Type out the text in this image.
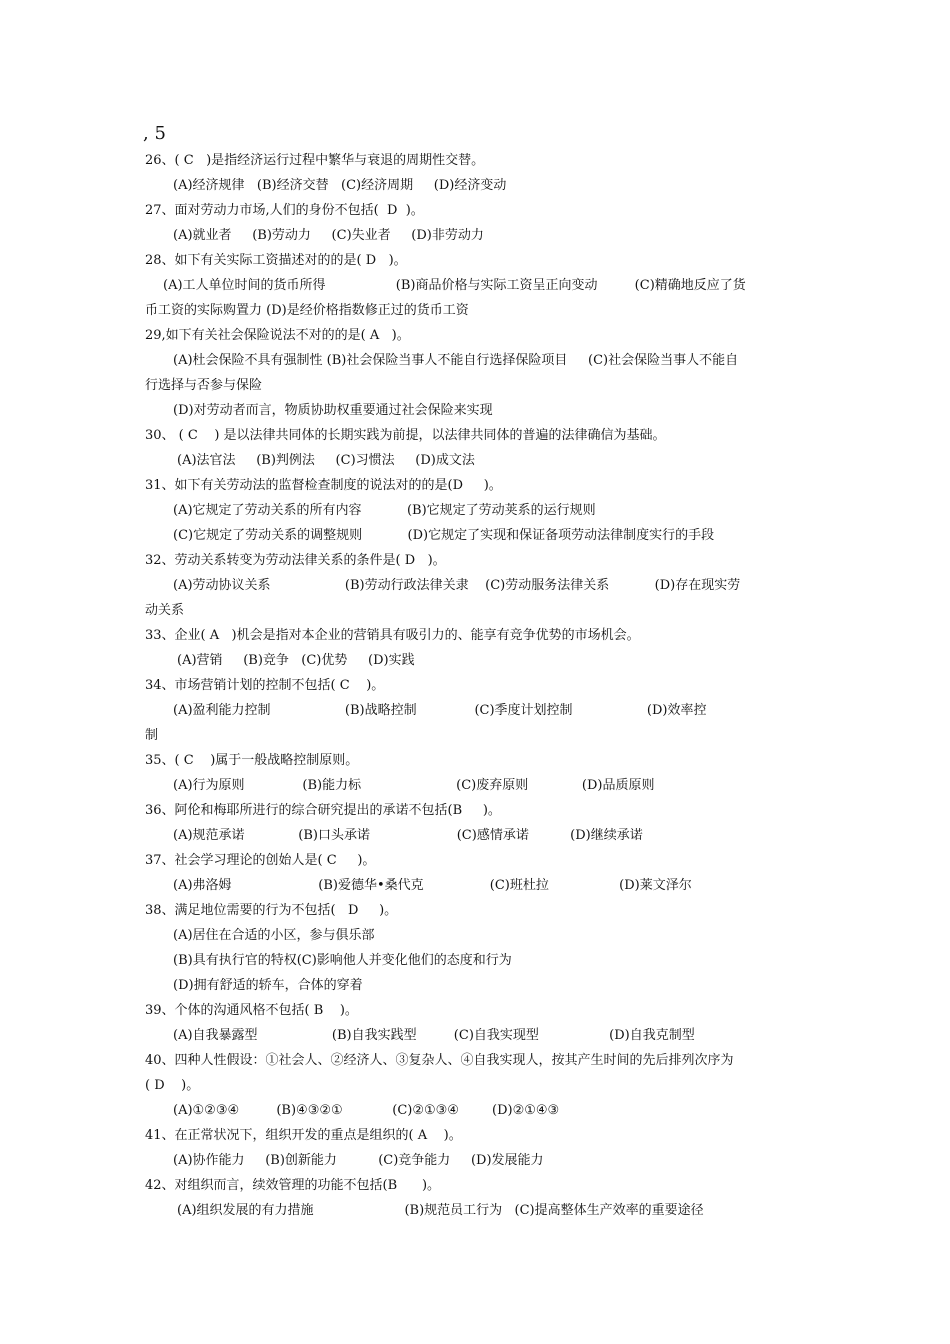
, 5
26、( C   )是指经济运行过程中繁华与衰退的周期性交替。
(A)经济规律   (B)经济交替   (C)经济周期     (D)经济变动
27、面对劳动力市场,人们的身份不包括(  D  )。
(A)就业者     (B)劳动力     (C)失业者     (D)非劳动力
28、如下有关实际工资描述对的的是( D   )。
(A)工人单位时间的货币所得                 (B)商品价格与实际工资呈正向变动         (C)精确地反应了货
币工资的实际购置力 (D)是经价格指数修正过的货币工资
29,如下有关社会保险说法不对的的是( A   )。
(A)杜会保险不具有强制性 (B)社会保险当事人不能自行选择保险项目     (C)社会保险当事人不能自
行选择与否参与保险
(D)对劳动者而言，物质协助权重要通过社会保险来实现
30、 ( C    ) 是以法律共同体的长期实践为前提，以法律共同体的普遍的法律确信为基础。
(A)法官法     (B)判例法     (C)习惯法     (D)成文法
31、如下有关劳动法的监督检查制度的说法对的的是(D     )。
(A)它规定了劳动关系的所有内容           (B)它规定了劳动荚系的运行规则
(C)它规定了劳动关系的调整规则           (D)它规定了实现和保证备项劳动法律制度实行的手段
32、劳动关系转变为劳动法律关系的条件是( D   )。
(A)劳动协议关系                  (B)劳动行政法律关隶    (C)劳动服务法律关系           (D)存在现实劳
动关系
33、企业( A   )机会是指对本企业的营销具有吸引力的、能享有竞争优势的市场机会。
(A)营销     (B)竞争   (C)优势     (D)实践
34、市场营销计划的控制不包括( C    )。
(A)盈利能力控制                  (B)战略控制              (C)季度计划控制                  (D)效率控
制
35、( C    )属于一般战略控制原则。
(A)行为原则              (B)能力标                       (C)废弃原则             (D)品质原则
36、阿伦和梅耶所进行的综合研究提出的承诺不包括(B     )。
(A)规范承诺             (B)口头承诺                     (C)感情承诺          (D)继续承诺
37、社会学习理论的创始人是( C     )。
(A)弗洛姆                     (B)爱德华•桑代克                (C)班杜拉                 (D)莱文泽尔
38、满足地位需要的行为不包括(   D     )。
(A)居住在合适的小区，参与俱乐部
(B)具有执行官的特权(C)影响他人并变化他们的态度和行为
(D)拥有舒适的轿车，合体的穿着
39、个体的沟通风格不包括( B    )。
(A)自我暴露型                  (B)自我实践型         (C)自我实现型                 (D)自我克制型
40、四种人性假设：①社会人、②经济人、③复杂人、④自我实现人，按其产生时间的先后排列次序为
( D    )。
(A)①②③④         (B)④③②①            (C)②①③④        (D)②①④③
41、在正常状况下，组织开发的重点是组织的( A    )。
(A)协作能力     (B)创新能力          (C)竞争能力     (D)发展能力
42、对组织而言，续效管理的功能不包括(B      )。
(A)组织发展的有力措施                      (B)规范员工行为   (C)提高整体生产效率的重要途径
